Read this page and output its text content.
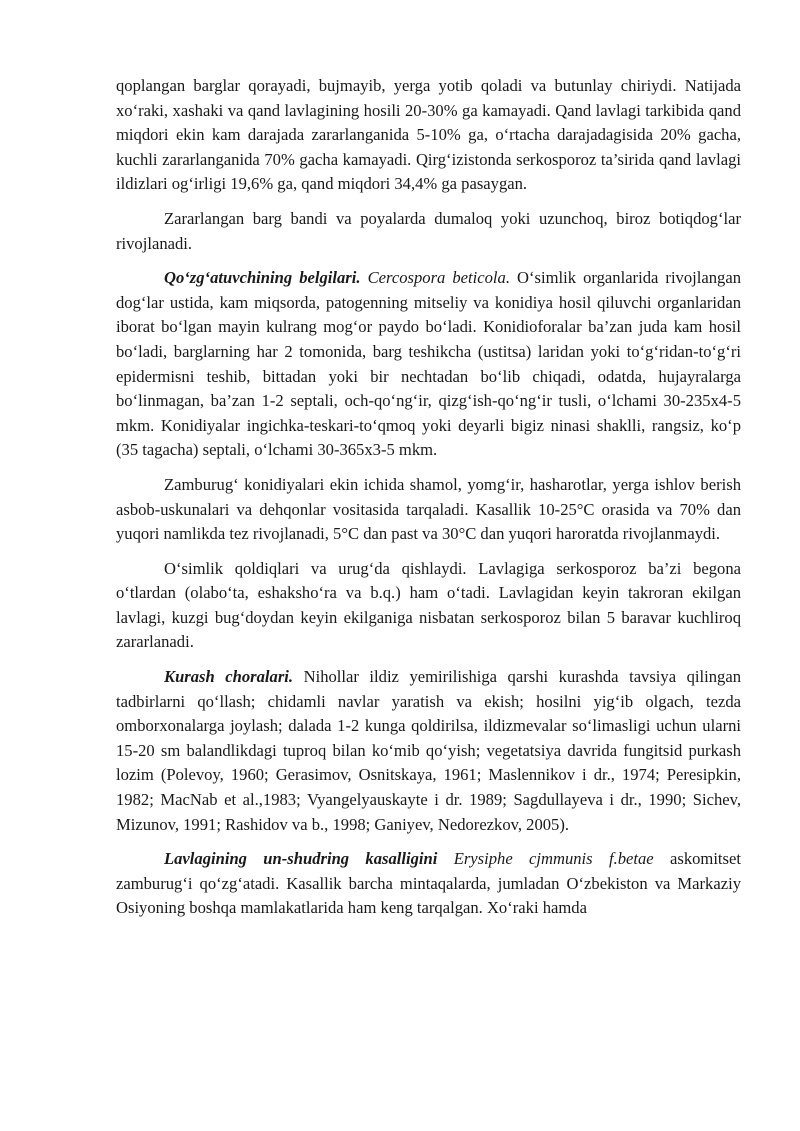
qoplangan barglar qorayadi, bujmayib, yerga yotib qoladi va butunlay chiriydi. Natijada xo‘raki, xashaki va qand lavlagining hosili 20-30% ga kamayadi. Qand lavlagi tarkibida qand miqdori ekin kam darajada zararlanganida 5-10% ga, o‘rtacha darajadagisida 20% gacha, kuchli zararlanganida 70% gacha kamayadi. Qirg‘izistonda serkosporoz ta’sirida qand lavlagi ildizlari og‘irligi 19,6% ga, qand miqdori 34,4% ga pasaygan.

Zararlangan barg bandi va poyalarda dumaloq yoki uzunchoq, biroz botiqdog‘lar rivojlanadi.

Qo‘zg‘atuvchining belgilari. Cercospora beticola. O‘simlik organlarida rivojlangan dog‘lar ustida, kam miqsorda, patogenning mitseliy va konidiya hosil qiluvchi organlaridan iborat bo‘lgan mayin kulrang mog‘or paydo bo‘ladi. Konidioforalar ba’zan juda kam hosil bo‘ladi, barglarning har 2 tomonida, barg teshikcha (ustitsa) laridan yoki to‘g‘ridan-to‘g‘ri epidermisni teshib, bittadan yoki bir nechtadan bo‘lib chiqadi, odatda, hujayralarga bo‘linmagan, ba’zan 1-2 septali, och-qo‘ng‘ir, qizg‘ish-qo‘ng‘ir tusli, o‘lchami 30-235x4-5 mkm. Konidiyalar ingichka-teskari-to‘qmoq yoki deyarli bigiz ninasi shaklli, rangsiz, ko‘p (35 tagacha) septali, o‘lchami 30-365x3-5 mkm.

Zamburug‘ konidiyalari ekin ichida shamol, yomg‘ir, hasharotlar, yerga ishlov berish asbob-uskunalari va dehqonlar vositasida tarqaladi. Kasallik 10-25°C orasida va 70% dan yuqori namlikda tez rivojlanadi, 5°C dan past va 30°C dan yuqori haroratda rivojlanmaydi.

O‘simlik qoldiqlari va urug‘da qishlaydi. Lavlagiga serkosporoz ba’zi begona o‘tlardan (olabo‘ta, eshaksho‘ra va b.q.) ham o‘tadi. Lavlagidan keyin takroran ekilgan lavlagi, kuzgi bug‘doydan keyin ekilganiga nisbatan serkosporoz bilan 5 baravar kuchliroq zararlanadi.

Kurash choralari. Nihollar ildiz yemirilishiga qarshi kurashda tavsiya qilingan tadbirlarni qo‘llash; chidamli navlar yaratish va ekish; hosilni yig‘ib olgach, tezda omborxonalarga joylash; dalada 1-2 kunga qoldirilsa, ildizmevalar so‘limasligi uchun ularni 15-20 sm balandlikdagi tuproq bilan ko‘mib qo‘yish; vegetatsiya davrida fungitsid purkash lozim (Polevoy, 1960; Gerasimov, Osnitskaya, 1961; Maslennikov i dr., 1974; Peresipkin, 1982; MacNab et al.,1983; Vyangelyauskayte i dr. 1989; Sagdullayeva i dr., 1990; Sichev, Mizunov, 1991; Rashidov va b., 1998; Ganiyev, Nedorezkov, 2005).

Lavlagining un-shudring kasalligini Erysiphe cjmmunis f.betae askomitset zamburug‘i qo‘zg‘atadi. Kasallik barcha mintaqalarda, jumladan O‘zbekiston va Markaziy Osiyoning boshqa mamlakatlarida ham keng tarqalgan. Xo‘raki hamda
